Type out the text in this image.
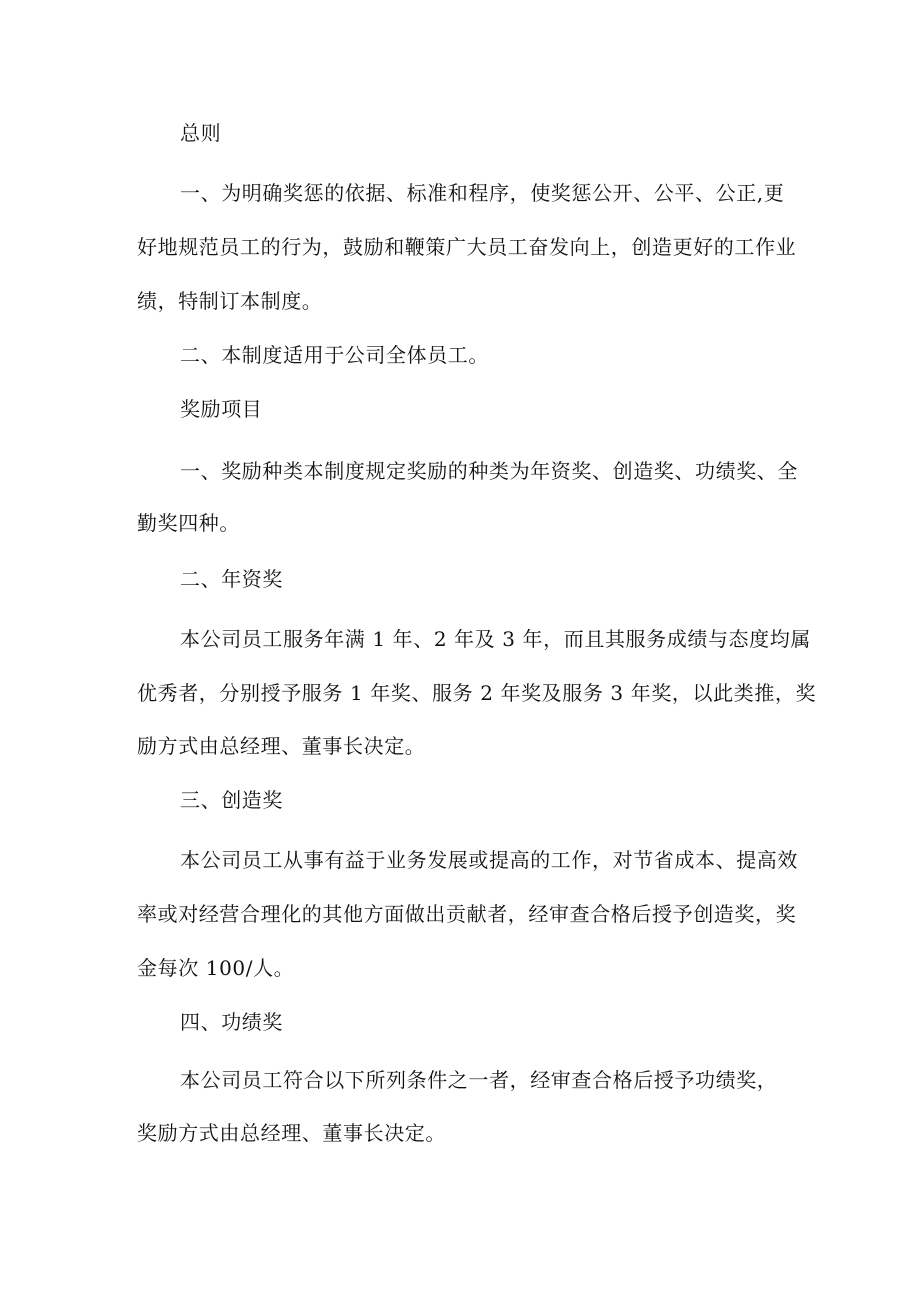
总则
一、为明确奖惩的依据、标准和程序，使奖惩公开、公平、公正,更
好地规范员工的行为，鼓励和鞭策广大员工奋发向上，创造更好的工作业
绩，特制订本制度。
二、本制度适用于公司全体员工。
奖励项目
一、奖励种类本制度规定奖励的种类为年资奖、创造奖、功绩奖、全
勤奖四种。
二、年资奖
本公司员工服务年满 1 年、2 年及 3 年，而且其服务成绩与态度均属
优秀者，分别授予服务 1 年奖、服务 2 年奖及服务 3 年奖，以此类推，奖
励方式由总经理、董事长决定。
三、创造奖
本公司员工从事有益于业务发展或提高的工作，对节省成本、提高效
率或对经营合理化的其他方面做出贡献者，经审查合格后授予创造奖，奖
金每次 100/人。
四、功绩奖
本公司员工符合以下所列条件之一者，经审查合格后授予功绩奖，
奖励方式由总经理、董事长决定。
